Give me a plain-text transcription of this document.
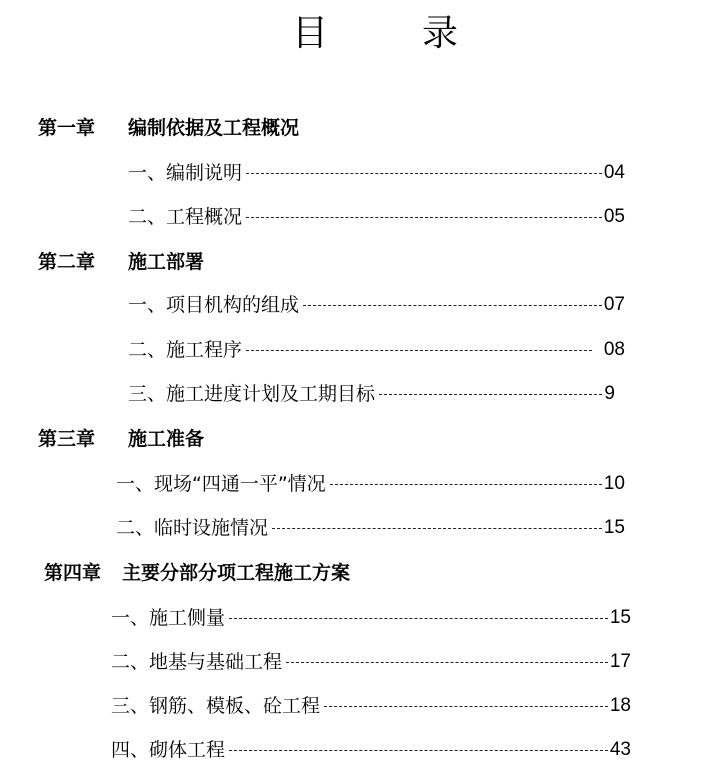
目	录
第一章 编制依据及工程概况
一、编制说明	04
二、工程概况	05
第二章 施工部署
一、项目机构的组成	07
二、施工程序	08
三、施工进度计划及工期目标	9
第三章 施工准备
一、现场“四通一平”情况	10
二、临时设施情况	15
第四章 主要分部分项工程施工方案
一、施工侧量	15
二、地基与基础工程	17
三、钢筋、模板、砼工程	18
四、砌体工程	43
